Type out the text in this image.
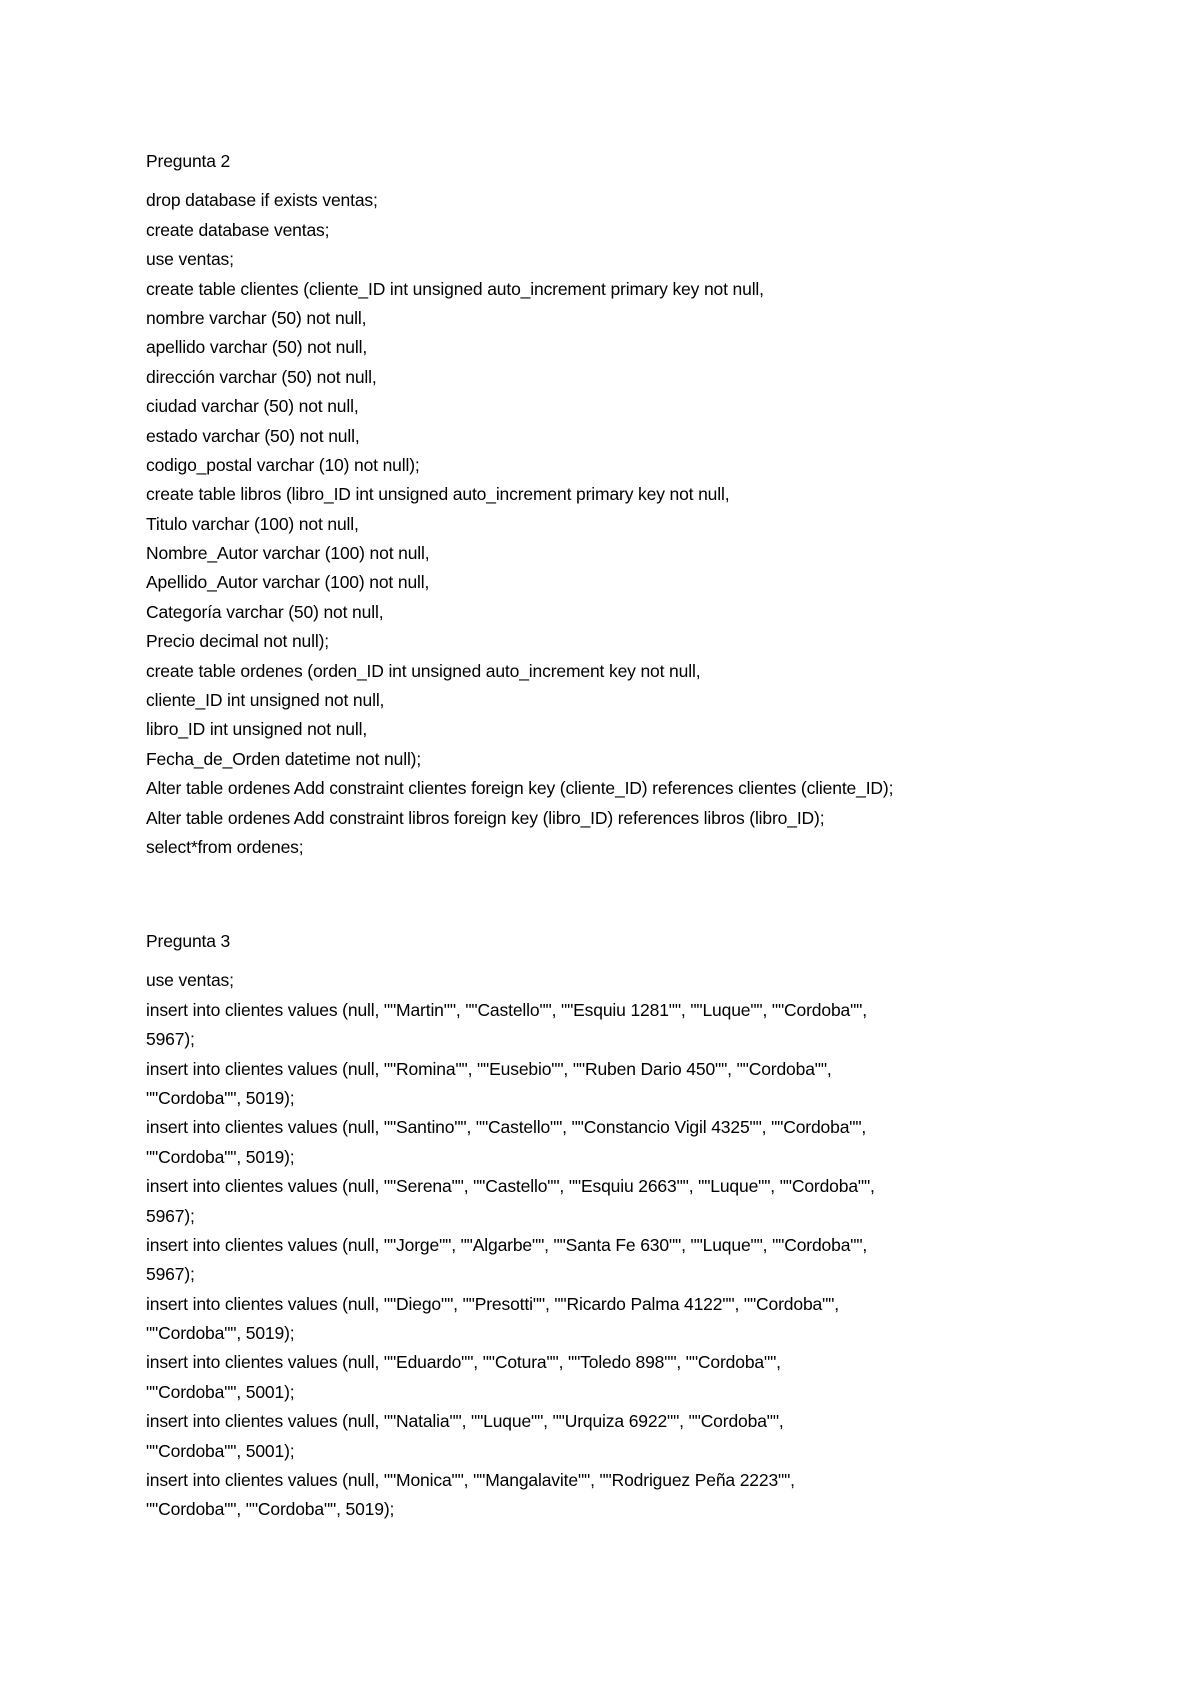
Pregunta 2
drop database if exists ventas;
create database ventas;
use ventas;
create table clientes (cliente_ID int unsigned auto_increment primary key not null,
nombre varchar (50) not null,
apellido varchar (50) not null,
dirección varchar (50) not null,
ciudad varchar (50) not null,
estado varchar (50) not null,
codigo_postal varchar (10) not null);
create table libros (libro_ID int unsigned auto_increment primary key not null,
Titulo varchar (100) not null,
Nombre_Autor varchar (100) not null,
Apellido_Autor varchar (100) not null,
Categoría varchar (50) not null,
Precio decimal not null);
create table ordenes (orden_ID int unsigned auto_increment key not null,
cliente_ID int unsigned not null,
libro_ID int unsigned not null,
Fecha_de_Orden datetime not null);
Alter table ordenes Add constraint clientes foreign key (cliente_ID) references clientes (cliente_ID);
Alter table ordenes Add constraint libros foreign key (libro_ID) references libros (libro_ID);
select*from ordenes;
Pregunta 3
use ventas;
insert into clientes values (null, ""Martin"", ""Castello"", ""Esquiu 1281"", ""Luque"", ""Cordoba"",
5967);
insert into clientes values (null, ""Romina"", ""Eusebio"", ""Ruben Dario 450"", ""Cordoba"",
""Cordoba"", 5019);
insert into clientes values (null, ""Santino"", ""Castello"", ""Constancio Vigil 4325"", ""Cordoba"",
""Cordoba"", 5019);
insert into clientes values (null, ""Serena"", ""Castello"", ""Esquiu 2663"", ""Luque"", ""Cordoba"",
5967);
insert into clientes values (null, ""Jorge"", ""Algarbe"", ""Santa Fe 630"", ""Luque"", ""Cordoba"",
5967);
insert into clientes values (null, ""Diego"", ""Presotti"", ""Ricardo Palma 4122"", ""Cordoba"",
""Cordoba"", 5019);
insert into clientes values (null, ""Eduardo"", ""Cotura"", ""Toledo 898"", ""Cordoba"",
""Cordoba"", 5001);
insert into clientes values (null, ""Natalia"", ""Luque"", ""Urquiza 6922"", ""Cordoba"",
""Cordoba"", 5001);
insert into clientes values (null, ""Monica"", ""Mangalavite"", ""Rodriguez Peña 2223"",
""Cordoba"", ""Cordoba"", 5019);
